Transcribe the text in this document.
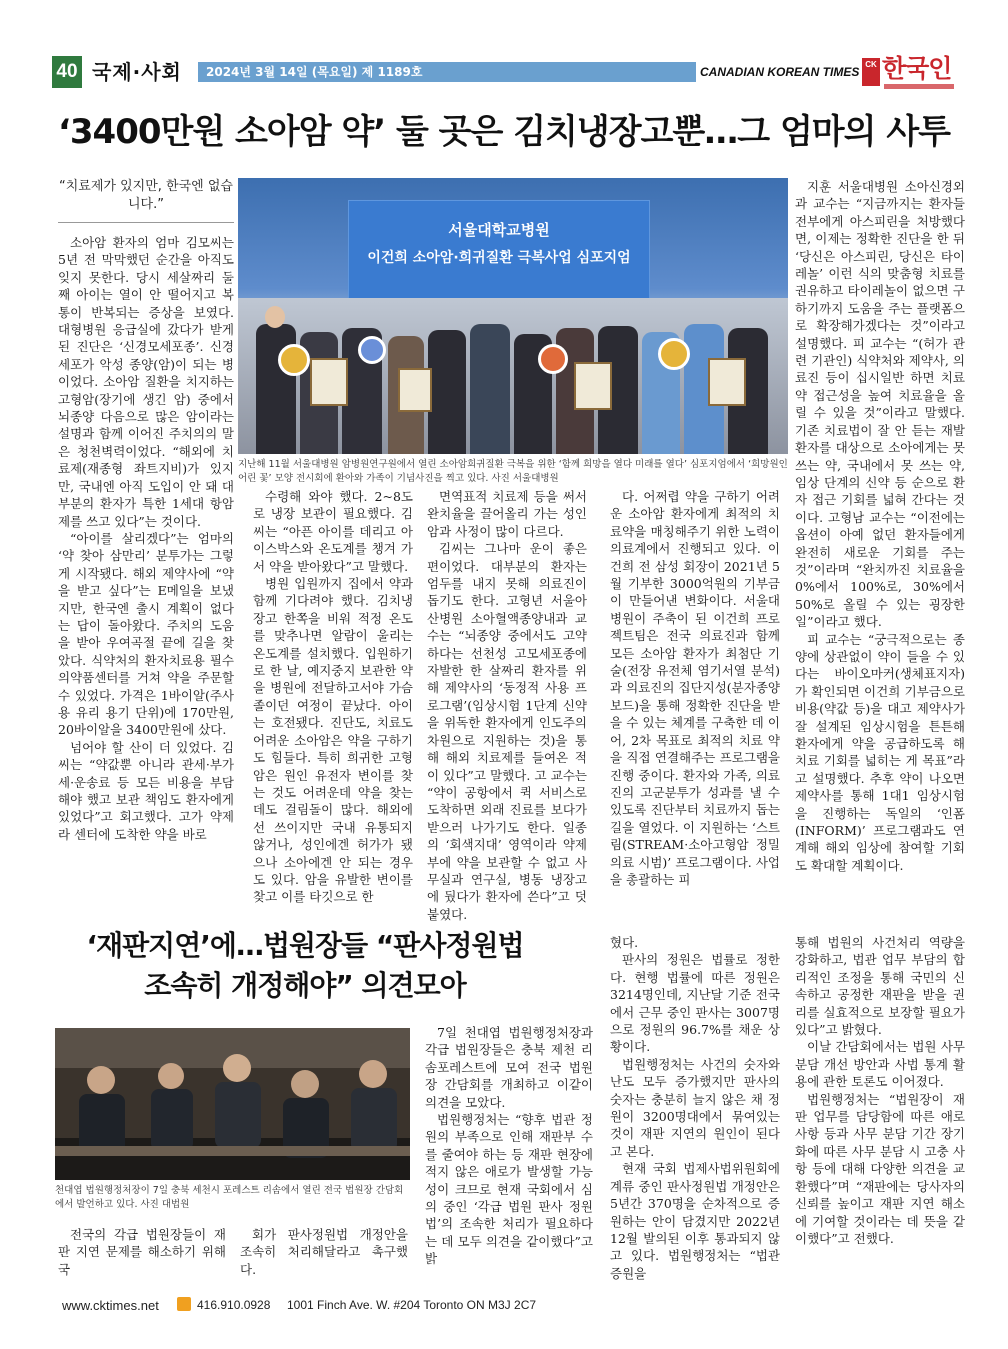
40 국제·사회	2024년 3월 14일 (목요일) 제 1189호	CANADIAN KOREAN TIMES
CK 한국인
‘3400만원 소아암 약’ 둘 곳은 김치냉장고뿐…그 엄마의 사투
“치료제가 있지만, 한국엔 없습니다.”

소아암 환자의 엄마 김모씨는 5년 전 막막했던 순간을 아직도 잊지 못한다. 당시 세살짜리 둘째 아이는 열이 안 떨어지고 복통이 반복되는 증상을 보였다. 대형병원 응급실에 갔다가 받게 된 진단은 ‘신경모세포종’. 신경세포가 악성 종양(암)이 되는 병이었다. 소아암 질환을 치지하는 고형암(장기에 생긴 암) 중에서 뇌종양 다음으로 많은 암이라는 설명과 함께 이어진 주치의의 말은 청천벽력이었다. “해외에 치료제(재종형 좌트지비)가 있지만, 국내엔 아직 도입이 안 돼 대부분의 환자가 특한 1세대 항암제를 쓰고 있다”는 것이다.

“아이를 살리겠다”는 엄마의 ‘약 찾아 삼만리’ 분투가는 그렇게 시작됐다. 해외 제약사에 “약을 받고 싶다”는 E메일을 보냈지만, 한국엔 출시 계획이 없다는 답이 돌아왔다. 주치의 도움을 받아 우여곡절 끝에 길을 찾았다. 식약처의 환자치료용 필수의약품센터를 거쳐 약을 주문할 수 있었다. 가격은 1바이알(주사용 유리 용기 단위)에 170만원, 20바이알을 3400만원에 샀다.

넘어야 할 산이 더 있었다. 김씨는 “약값뿐 아니라 관세·부가세·운송료 등 모든 비용을 부담해야 했고 보관 책임도 환자에게 있었다”고 회고했다. 고가 약제라 센터에 도착한 약을 바로

서울대학교병원
이건희 소아암·희귀질환 극복사업 심포지엄
지난해 11월 서울대병원 암병원연구원에서 열린 소아암희귀질환 극복을 위한 ‘함께 희망을 열다 미래를 열다’ 심포지엄에서 ‘희망원인어린 꽃’ 모양 전시회에 환아와 가족이 기념사진을 찍고 있다. 사진 서울대병원

수령해 와야 했다. 2~8도로 냉장 보관이 필요했다. 김씨는 “아픈 아이를 데리고 아이스박스와 온도계를 챙겨 가서 약을 받아왔다”고 말했다.

병원 입원까지 집에서 약과 함께 기다려야 했다. 김치냉장고 한쪽을 비워 적정 온도를 맞추나면 알람이 울리는 온도계를 설치했다. 입원하기로 한 날, 예지중지 보관한 약을 병원에 전달하고서야 가슴 졸이던 여정이 끝났다. 아이는 호전됐다. 진단도, 치료도 어려운 소아암은 약을 구하기도 힘들다. 특히 희귀한 고형암은 원인 유전자 변이를 찾는 것도 어려운데 약을 찾는 데도 걸림돌이 많다. 해외에선 쓰이지만 국내 유통되지 않거나, 성인에겐 허가가 됐으나 소아에겐 안 되는 경우도 있다. 암을 유발한 변이를 찾고 이를 타깃으로 한

면역표적 치료제 등을 써서 완치율을 끌어올리 가는 성인암과 사정이 많이 다르다.

김씨는 그나마 운이 좋은 편이었다. 대부분의 환자는 엄두를 내지 못해 의료진이 돕기도 한다. 고형년 서울아산병원 소아혈액종양내과 교수는 “뇌종양 중에서도 고약하다는 선천성 고모세포종에 자발한 한 살짜리 환자를 위해 제약사의 ‘동정적 사용 프로그램’(임상시험 1단계 신약을 위독한 환자에게 인도주의 차원으로 지원하는 것)을 통해 해외 치료제를 들여온 적이 있다”고 말했다. 고 교수는 “약이 공항에서 퀵 서비스로 도착하면 외래 진료를 보다가 받으러 나가기도 한다. 일종의 ‘회색지대’ 영역이라 약제부에 약을 보관할 수 없고 사무실과 연구실, 병동 냉장고에 뒀다가 환자에 쓴다”고 덧붙였다.

다. 어쩌렵 약을 구하기 어려운 소아암 환자에게 최적의 치료약을 매칭해주기 위한 노력이 의료계에서 진행되고 있다. 이건희 전 삼성 회장이 2021년 5월 기부한 3000억원의 기부금이 만들어낸 변화이다. 서울대병원이 주축이 된 이건희 프로젝트팀은 전국 의료진과 함께 모든 소아암 환자가 최첨단 기술(전장 유전체 염기서열 분석)과 의료진의 집단지성(분자종양보드)을 통해 정확한 진단을 받을 수 있는 체계를 구축한 데 이어, 2차 목표로 최적의 치료 약을 직접 연결해주는 프로그램을 진행 중이다. 환자와 가족, 의료진의 고군분투가 성과를 낼 수 있도록 진단부터 치료까지 돕는 길을 열었다. 이 지원하는 ‘스트림(STREAM·소아고형암 정밀의료 시범)’ 프로그램이다. 사업을 총괄하는 피

지훈 서울대병원 소아신경외과 교수는 “지금까지는 환자들 전부에게 아스피린을 처방했다면, 이제는 정확한 진단을 한 뒤 ‘당신은 아스피린, 당신은 타이레놀’ 이런 식의 맞춤형 치료를 권유하고 타이레놀이 없으면 구하기까지 도움을 주는 플랫폼으로 확장해가겠다는 것”이라고 설명했다. 피 교수는 “(허가 관련 기관인) 식약처와 제약사, 의료진 등이 십시일반 하면 치료 약 접근성을 높여 치료율을 올릴 수 있을 것”이라고 말했다. 기존 치료법이 잘 안 듣는 재발 환자를 대상으로 소아에게는 못 쓰는 약, 국내에서 못 쓰는 약, 임상 단계의 신약 등 순으로 환자 접근 기회를 넓혀 간다는 것이다. 고형남 교수는 “이전에는 옵션이 아예 없던 환자들에게 완전히 새로운 기회를 주는 것”이라며 “완치까진 치료율을 0%에서 100%로, 30%에서 50%로 올릴 수 있는 굉장한 일”이라고 했다.

피 교수는 “궁극적으로는 종양에 상관없이 약이 들을 수 있다는 바이오마커(생체표지자)가 확인되면 이건희 기부금으로 비용(약값 등)을 대고 제약사가 잘 설계된 임상시험을 튼튼해 환자에게 약을 공급하도록 해 치료 기회를 넓히는 게 목표”라고 설명했다. 추후 약이 나오면 제약사를 통해 1대1 임상시험을 진행하는 독일의 ‘인폼(INFORM)’ 프로그램과도 연계해 해외 임상에 참여할 기회도 확대할 계획이다.

‘재판지연’에…법원장들 “판사정원법
조속히 개정해야” 의견모아
천대엽 법원행정처장이 7일 충북 세천시 포레스트 리솜에서 열린 전국 법원장 간담회에서 발언하고 있다. 사진 대법원

전국의 각급 법원장들이 재판 지연 문제를 해소하기 위해 국

회가 판사정원법 개정안을 조속히 처리해달라고 촉구했다.

7일 천대엽 법원행정처장과 각급 법원장들은 충북 제천 리솜포레스트에 모여 전국 법원장 간담회를 개최하고 이같이 의견을 모았다.

법원행정처는 “향후 법관 정원의 부족으로 인해 재판부 수를 줄여야 하는 등 재판 현장에 적지 않은 애로가 발생할 가능성이 크므로 현재 국회에서 심의 중인 ‘각급 법원 판사 정원법’의 조속한 처리가 필요하다는 데 모두 의견을 같이했다”고 밝

혔다.

판사의 정원은 법률로 정한다. 현행 법률에 따른 정원은 3214명인데, 지난달 기준 전국에서 근무 중인 판사는 3007명으로 정원의 96.7%를 채운 상황이다.

법원행정처는 사건의 숫자와 난도 모두 증가했지만 판사의 숫자는 충분히 늘지 않은 채 정원이 3200명대에서 묶여있는 것이 재판 지연의 원인이 된다고 본다.

현재 국회 법제사법위원회에 계류 중인 판사정원법 개정안은 5년간 370명을 순차적으로 증원하는 안이 담겼지만 2022년 12월 발의된 이후 통과되지 않고 있다. 법원행정처는 “법관 증원을

통해 법원의 사건처리 역량을 강화하고, 법관 업무 부담의 합리적인 조정을 통해 국민의 신속하고 공정한 재판을 받을 권리를 실효적으로 보장할 필요가 있다”고 밝혔다.

이날 간담회에서는 법원 사무 분담 개선 방안과 사법 통계 활용에 관한 토론도 이어졌다.

법원행정처는 “법원장이 재판 업무를 담당함에 따른 애로사항 등과 사무 분담 기간 장기화에 따른 사무 분담 시 고충 사항 등에 대해 다양한 의견을 교환했다”며 “재판에는 당사자의 신뢰를 높이고 재판 지연 해소에 기여할 것이라는 데 뜻을 같이했다”고 전했다.

www.cktimes.net	416.910.0928 1001 Finch Ave. W. #204 Toronto ON M3J 2C7
